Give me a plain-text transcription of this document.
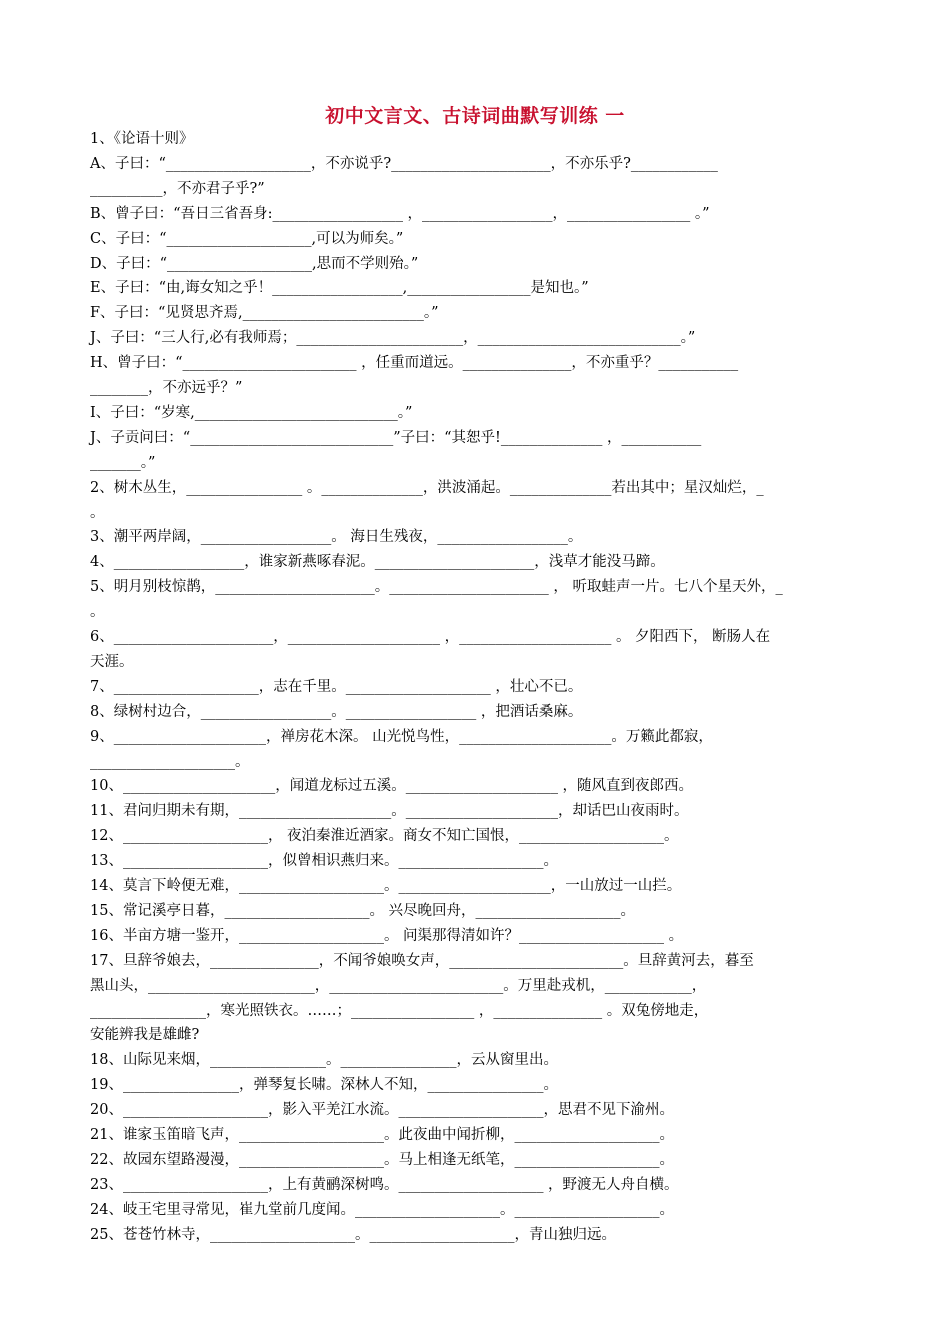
初中文言文、古诗词曲默写训练 一
1、《论语十则》
A、子曰：“____________________，不亦说乎?______________________，不亦乐乎?____________
__________，不亦君子乎?”
B、曾子曰：“吾日三省吾身:__________________ ，__________________，_________________ 。”
C、子曰：“____________________,可以为师矣。”
D、子曰：“____________________,思而不学则殆。”
E、子曰：“由,诲女知之乎！__________________,_________________是知也。”
F、子曰：“见贤思齐焉,_________________________。”
J、子曰：“三人行,必有我师焉；_______________________，____________________________。”
H、曾子曰：“________________________ ，任重而道远。_______________，不亦重乎？___________
________，不亦远乎？”
I、子曰：“岁寒,____________________________。”
J、子贡问曰：“____________________________”子曰：“其恕乎!______________ ，___________
_______。”
2、树木丛生，________________ 。______________，洪波涌起。______________若出其中；星汉灿烂，_
。
3、潮平两岸阔，__________________。 海日生残夜，__________________。
4、__________________，谁家新燕啄春泥。______________________，浅草才能没马蹄。
5、明月别枝惊鹊，______________________。______________________ ， 听取蛙声一片。七八个星天外，_
。
6、______________________，_____________________ ，_____________________ 。 夕阳西下， 断肠人在
天涯。
7、____________________，志在千里。____________________ ，壮心不已。
8、绿树村边合，__________________。__________________ ，把酒话桑麻。
9、_____________________，禅房花木深。 山光悦鸟性，_____________________。万籁此都寂，
____________________。
10、_____________________，闻道龙标过五溪。_____________________ ，随风直到夜郎西。
11、君问归期未有期，_____________________。_____________________，却话巴山夜雨时。
12、____________________， 夜泊秦淮近酒家。商女不知亡国恨，____________________。
13、____________________，似曾相识燕归来。____________________。
14、莫言下岭便无难，____________________。_____________________，一山放过一山拦。
15、常记溪亭日暮，____________________。 兴尽晚回舟，____________________。
16、半亩方塘一鉴开，____________________。 问渠那得清如许？____________________ 。
17、旦辞爷娘去，_______________，不闻爷娘唤女声，________________________。旦辞黄河去，暮至
黑山头，_______________________，________________________。万里赴戎机，____________，
________________，寒光照铁衣。……；_________________ ，_______________ 。双兔傍地走，
安能辨我是雄雌?
18、山际见来烟，________________。________________，云从窗里出。
19、________________，弹琴复长啸。深林人不知，________________。
20、____________________，影入平羌江水流。____________________，思君不见下渝州。
21、谁家玉笛暗飞声，____________________。此夜曲中闻折柳，____________________。
22、故园东望路漫漫，____________________。马上相逢无纸笔，____________________。
23、____________________，上有黄鹂深树鸣。____________________ ，野渡无人舟自横。
24、岐王宅里寻常见，崔九堂前几度闻。____________________。____________________。
25、苍苍竹林寺，____________________。____________________，青山独归远。
